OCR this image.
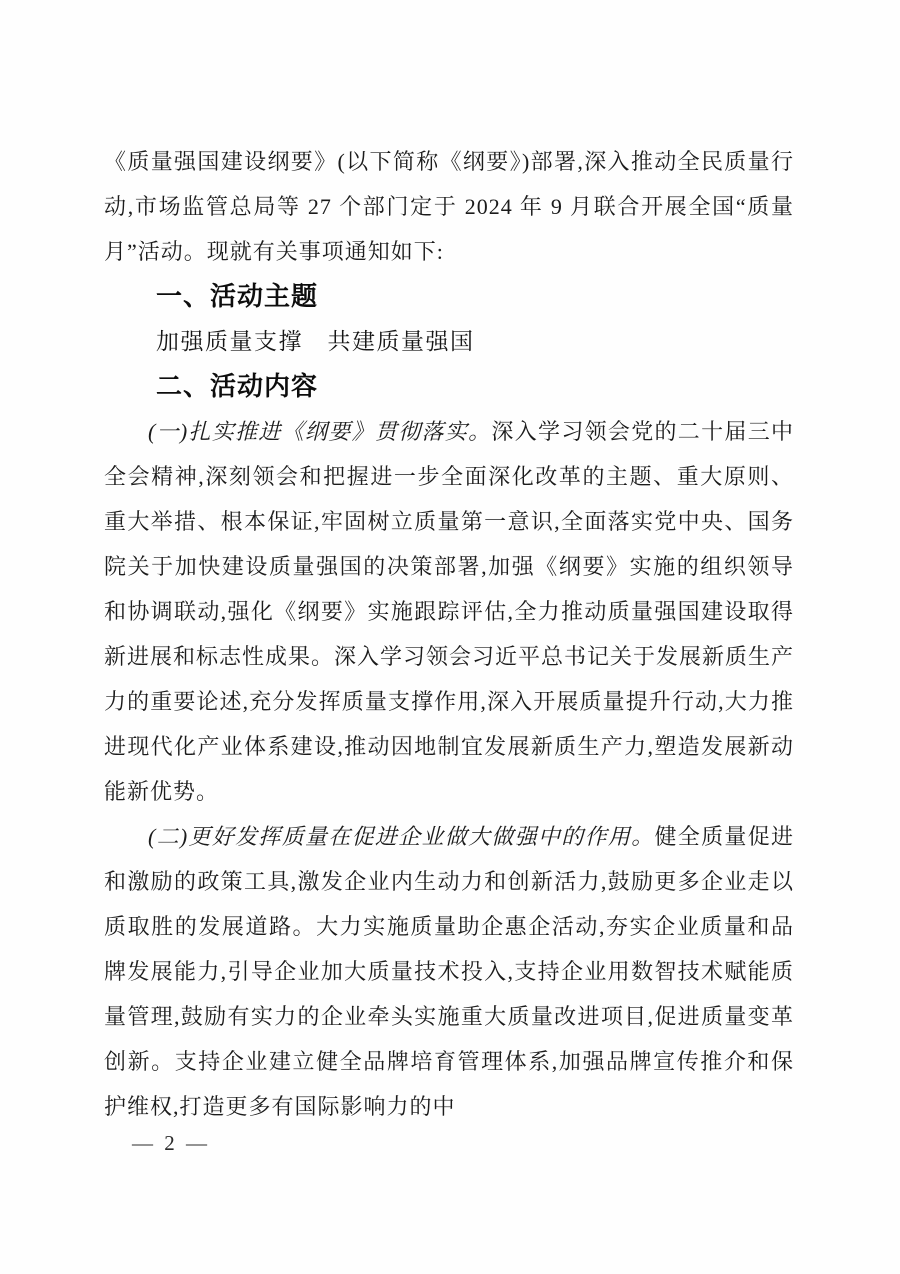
《质量强国建设纲要》(以下简称《纲要》)部署,深入推动全民质量行动,市场监管总局等 27 个部门定于 2024 年 9 月联合开展全国“质量月”活动。现就有关事项通知如下:

一、活动主题

加强质量支撑　共建质量强国

二、活动内容

(一)扎实推进《纲要》贯彻落实。深入学习领会党的二十届三中全会精神,深刻领会和把握进一步全面深化改革的主题、重大原则、重大举措、根本保证,牢固树立质量第一意识,全面落实党中央、国务院关于加快建设质量强国的决策部署,加强《纲要》实施的组织领导和协调联动,强化《纲要》实施跟踪评估,全力推动质量强国建设取得新进展和标志性成果。深入学习领会习近平总书记关于发展新质生产力的重要论述,充分发挥质量支撑作用,深入开展质量提升行动,大力推进现代化产业体系建设,推动因地制宜发展新质生产力,塑造发展新动能新优势。

(二)更好发挥质量在促进企业做大做强中的作用。健全质量促进和激励的政策工具,激发企业内生动力和创新活力,鼓励更多企业走以质取胜的发展道路。大力实施质量助企惠企活动,夯实企业质量和品牌发展能力,引导企业加大质量技术投入,支持企业用数智技术赋能质量管理,鼓励有实力的企业牵头实施重大质量改进项目,促进质量变革创新。支持企业建立健全品牌培育管理体系,加强品牌宣传推介和保护维权,打造更多有国际影响力的中

— 2 —
